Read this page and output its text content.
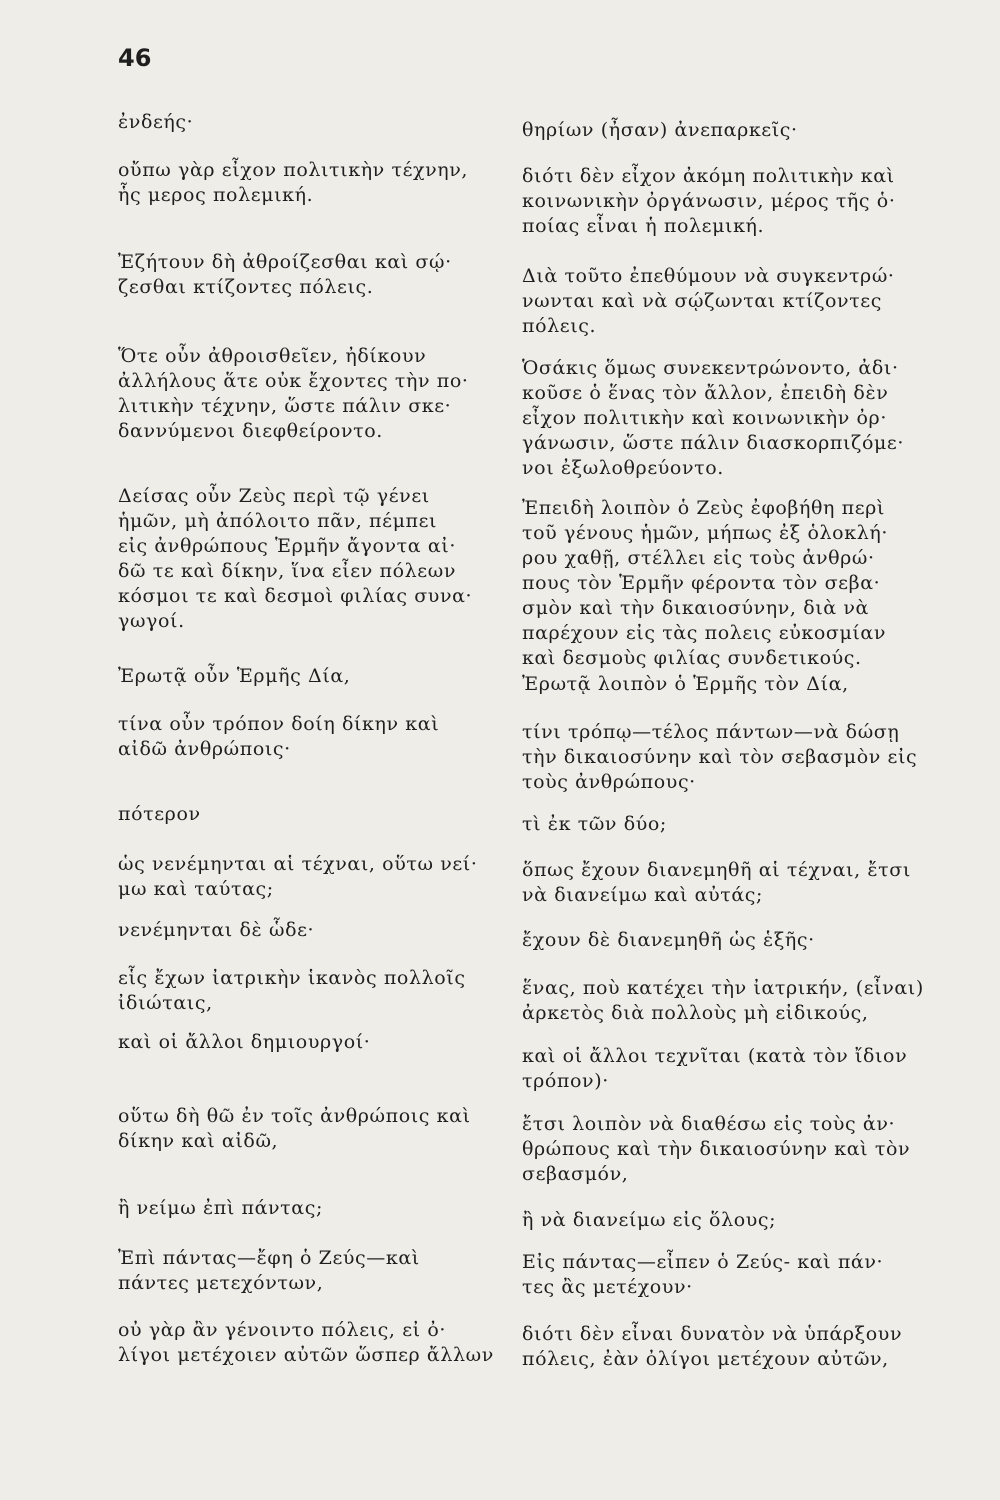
46
ἐνδεής·
οὔπω γὰρ εἶχον πολιτικὴν τέχνην,
ἧς μερος πολεμική.
Ἐζήτουν δὴ ἀθροίζεσθαι καὶ σῴ·
ζεσθαι κτίζοντες πόλεις.
Ὅτε οὖν ἀθροισθεῖεν, ἠδίκουν
ἀλλήλους ἅτε οὐκ ἔχοντες τὴν πο·
λιτικὴν τέχνην, ὥστε πάλιν σκε·
δαννύμενοι διεφθείροντο.
Δείσας οὖν Ζεὺς περὶ τῷ γένει
ἡμῶν, μὴ ἀπόλοιτο πᾶν, πέμπει
εἰς ἀνθρώπους Ἑρμῆν ἄγοντα αἰ·
δῶ τε καὶ δίκην, ἵνα εἶεν πόλεων
κόσμοι τε καὶ δεσμοὶ φιλίας συνα·
γωγοί.
Ἐρωτᾷ οὖν Ἑρμῆς Δία,
τίνα οὖν τρόπον δοίη δίκην καὶ
αἰδῶ ἀνθρώποις·
πότερον
ὡς νενέμηνται αἱ τέχναι, οὕτω νεί·
μω καὶ ταύτας;
νενέμηνται δὲ ὧδε·
εἷς ἔχων ἰατρικὴν ἱκανὸς πολλοῖς
ἰδιώταις,
καὶ οἱ ἄλλοι δημιουργοί·
οὕτω δὴ θῶ ἐν τοῖς ἀνθρώποις καὶ
δίκην καὶ αἰδῶ,
ἢ νείμω ἐπὶ πάντας;
Ἐπὶ πάντας—ἔφη ὁ Ζεύς—καὶ
πάντες μετεχόντων,
οὐ γὰρ ἂν γένοιντο πόλεις, εἰ ὀ·
λίγοι μετέχοιεν αὐτῶν ὥσπερ ἄλλων
θηρίων (ἦσαν) ἀνεπαρκεῖς·
διότι δὲν εἶχον ἀκόμη πολιτικὴν καὶ
κοινωνικὴν ὀργάνωσιν, μέρος τῆς ὁ·
ποίας εἶναι ἡ πολεμική.
Διὰ τοῦτο ἐπεθύμουν νὰ συγκεντρώ·
νωνται καὶ νὰ σῴζωνται κτίζοντες
πόλεις.
Ὁσάκις ὅμως συνεκεντρώνοντο, ἀδι·
κοῦσε ὁ ἕνας τὸν ἄλλον, ἐπειδὴ δὲν
εἶχον πολιτικὴν καὶ κοινωνικὴν ὀρ·
γάνωσιν, ὥστε πάλιν διασκορπιζόμε·
νοι ἐξωλοθρεύοντο.
Ἐπειδὴ λοιπὸν ὁ Ζεὺς ἐφοβήθη περὶ
τοῦ γένους ἡμῶν, μήπως ἐξ ὁλοκλή·
ρου χαθῇ, στέλλει εἰς τοὺς ἀνθρώ·
πους τὸν Ἑρμῆν φέροντα τὸν σεβα·
σμὸν καὶ τὴν δικαιοσύνην, διὰ νὰ
παρέχουν εἰς τὰς πολεις εὐκοσμίαν
καὶ δεσμοὺς φιλίας συνδετικούς.
Ἐρωτᾷ λοιπὸν ὁ Ἑρμῆς τὸν Δία,
τίνι τρόπῳ—τέλος πάντων—νὰ δώσῃ
τὴν δικαιοσύνην καὶ τὸν σεβασμὸν εἰς
τοὺς ἀνθρώπους·
τὶ ἐκ τῶν δύο;
ὅπως ἔχουν διανεμηθῆ αἱ τέχναι, ἔτσι
νὰ διανείμω καὶ αὐτάς;
ἔχουν δὲ διανεμηθῆ ὡς ἑξῆς·
ἕνας, ποὺ κατέχει τὴν ἰατρικήν, (εἶναι)
ἀρκετὸς διὰ πολλοὺς μὴ εἰδικούς,
καὶ οἱ ἄλλοι τεχνῖται (κατὰ τὸν ἴδιον
τρόπον)·
ἔτσι λοιπὸν νὰ διαθέσω εἰς τοὺς ἀν·
θρώπους καὶ τὴν δικαιοσύνην καὶ τὸν
σεβασμόν,
ἢ νὰ διανείμω εἰς ὅλους;
Εἰς πάντας—εἶπεν ὁ Ζεύς- καὶ πάν·
τες ἂς μετέχουν·
διότι δὲν εἶναι δυνατὸν νὰ ὑπάρξουν
πόλεις, ἐὰν ὀλίγοι μετέχουν αὐτῶν,
